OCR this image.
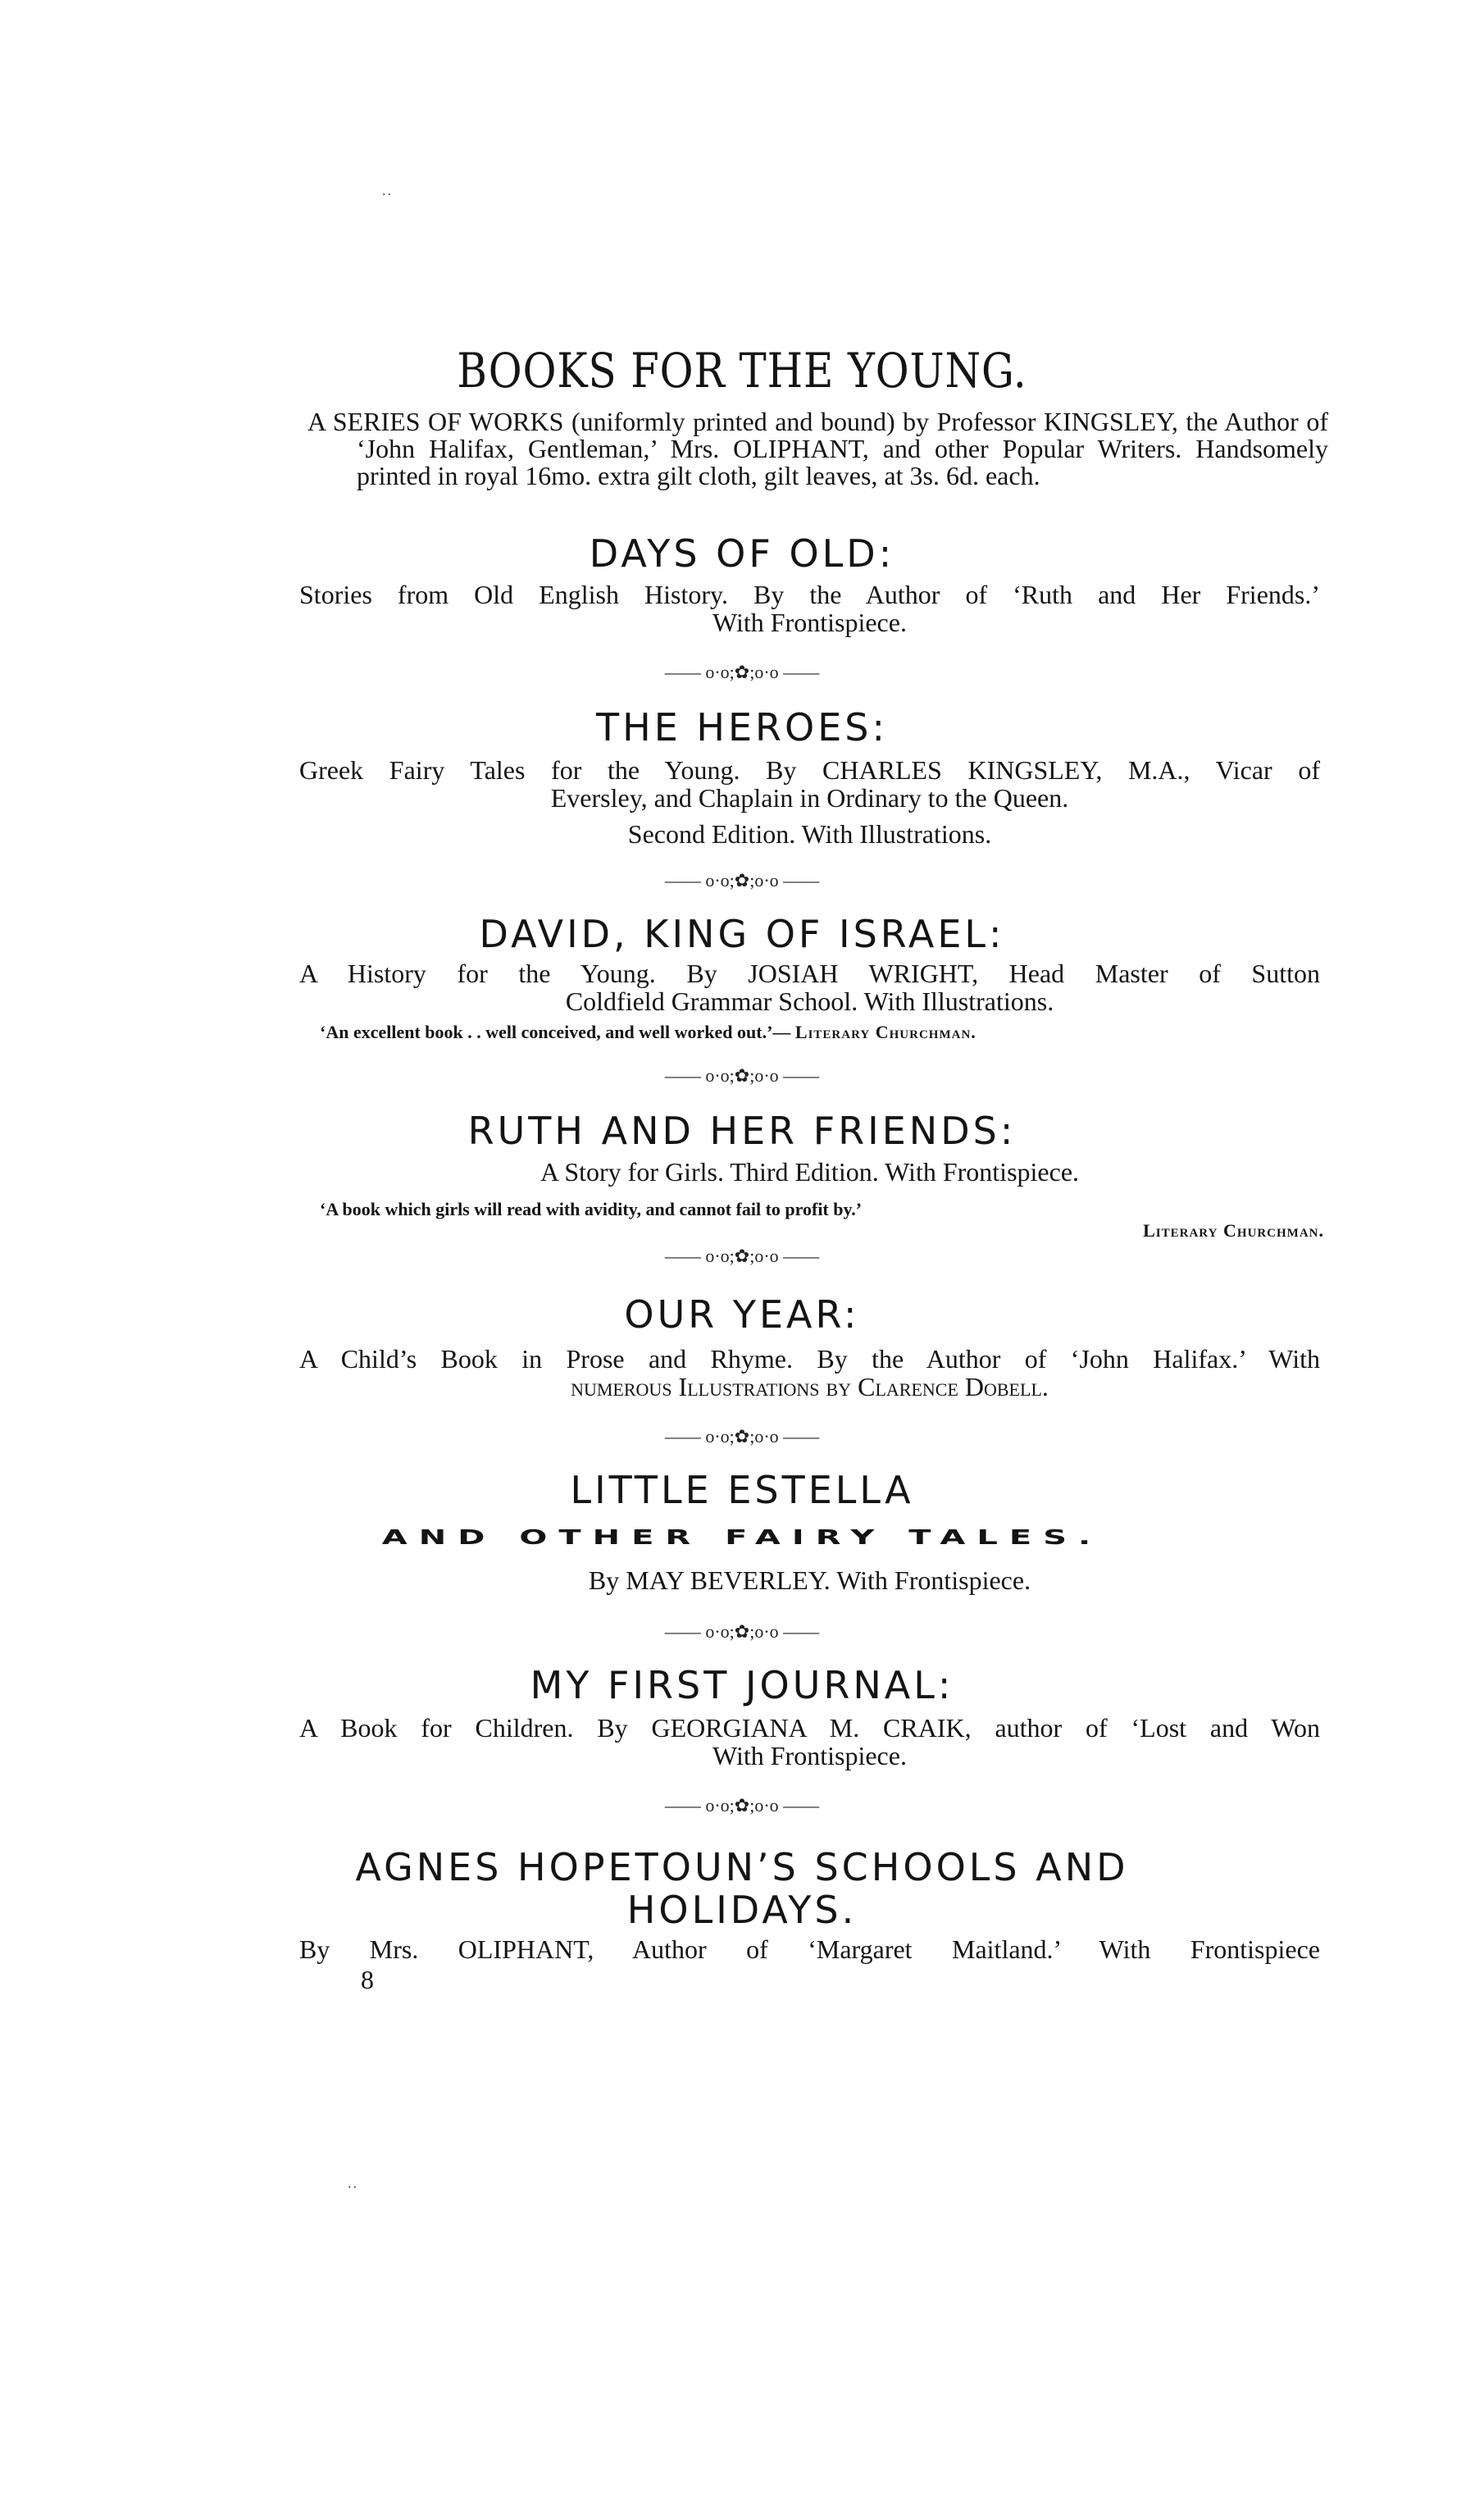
..
BOOKS FOR THE YOUNG.
A SERIES OF WORKS (uniformly printed and bound) by Professor KINGSLEY, the Author of ‘John Halifax, Gentleman,’ Mrs. OLIPHANT, and other Popular Writers. Handsomely printed in royal 16mo. extra gilt cloth, gilt leaves, at 3s. 6d. each.
DAYS OF OLD:
Stories from Old English History. By the Author of ‘Ruth and Her Friends.’
With Frontispiece.
—— o·o;✿;o·o ——
THE HEROES:
Greek Fairy Tales for the Young. By CHARLES KINGSLEY, M.A., Vicar of
Eversley, and Chaplain in Ordinary to the Queen.
Second Edition. With Illustrations.
—— o·o;✿;o·o ——
DAVID, KING OF ISRAEL:
A History for the Young. By JOSIAH WRIGHT, Head Master of Sutton
Coldfield Grammar School. With Illustrations.
‘An excellent book . . well conceived, and well worked out.’— Literary Churchman.
—— o·o;✿;o·o ——
RUTH AND HER FRIENDS:
A Story for Girls. Third Edition. With Frontispiece.
‘A book which girls will read with avidity, and cannot fail to profit by.’
Literary Churchman.
—— o·o;✿;o·o ——
OUR YEAR:
A Child’s Book in Prose and Rhyme. By the Author of ‘John Halifax.’ With
numerous Illustrations by Clarence Dobell.
—— o·o;✿;o·o ——
LITTLE ESTELLA
AND OTHER FAIRY TALES.
By MAY BEVERLEY. With Frontispiece.
—— o·o;✿;o·o ——
MY FIRST JOURNAL:
A Book for Children. By GEORGIANA M. CRAIK, author of ‘Lost and Won
With Frontispiece.
—— o·o;✿;o·o ——
AGNES HOPETOUN’S SCHOOLS AND
HOLIDAYS.
By Mrs. OLIPHANT, Author of ‘Margaret Maitland.’ With Frontispiece
8
..
